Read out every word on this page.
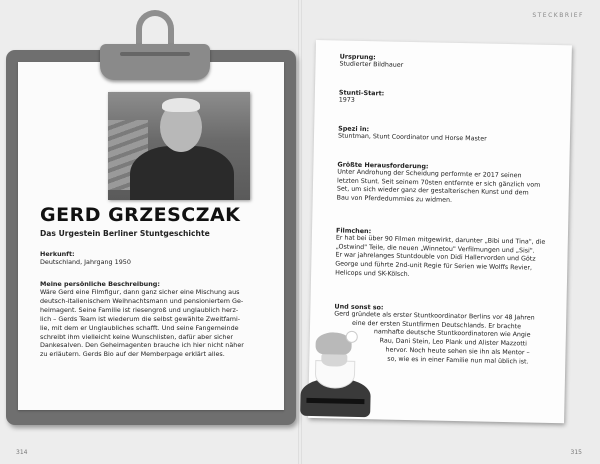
STECKBRIEF
GERD GRZESCZAK
Das Urgestein Berliner Stuntgeschichte
Herkunft:
Deutschland, Jahrgang 1950
Meine persönliche Beschreibung:
Wäre Gerd eine Filmfigur, dann ganz sicher eine Mischung aus
deutsch-italienischem Weihnachtsmann und pensioniertem Ge-
heimagent. Seine Familie ist riesengroß und unglaublich herz-
lich – Gerds Team ist wiederum die selbst gewählte Zweitfami-
lie, mit dem er Unglaubliches schafft. Und seine Fangemeinde
schreibt ihm vielleicht keine Wunschlisten, dafür aber sicher
Dankesalven. Den Geheimagenten brauche ich hier nicht näher
zu erläutern. Gerds Bio auf der Memberpage erklärt alles.
314
Ursprung:
Studierter Bildhauer
Stunti-Start:
1973
Spezi in:
Stuntman, Stunt Coordinator und Horse Master
Größte Herausforderung:
Unter Androhung der Scheidung performte er 2017 seinen
letzten Stunt. Seit seinem 70sten entfernte er sich gänzlich vom
Set, um sich wieder ganz der gestalterischen Kunst und dem
Bau von Pferdedummies zu widmen.
Filmchen:
Er hat bei über 90 Filmen mitgewirkt, darunter „Bibi und Tina", die
„Ostwind" Teile, die neuen „Winnetou" Verfilmungen und „Sisi".
Er war jahrelanges Stuntdouble von Didi Hallervorden und Götz
George und führte 2nd-unit Regie für Serien wie Wolffs Revier,
Helicops und SK-Kölsch.
Und sonst so:
Gerd gründete als erster Stuntkoordinator Berlins vor 48 Jahren
eine der ersten Stuntfirmen Deutschlands. Er brachte
namhafte deutsche Stuntkoordinatoren wie Angie
Rau, Dani Stein, Leo Plank und Alister Mazzotti
hervor. Noch heute sehen sie ihn als Mentor –
so, wie es in einer Familie nun mal üblich ist.
315
